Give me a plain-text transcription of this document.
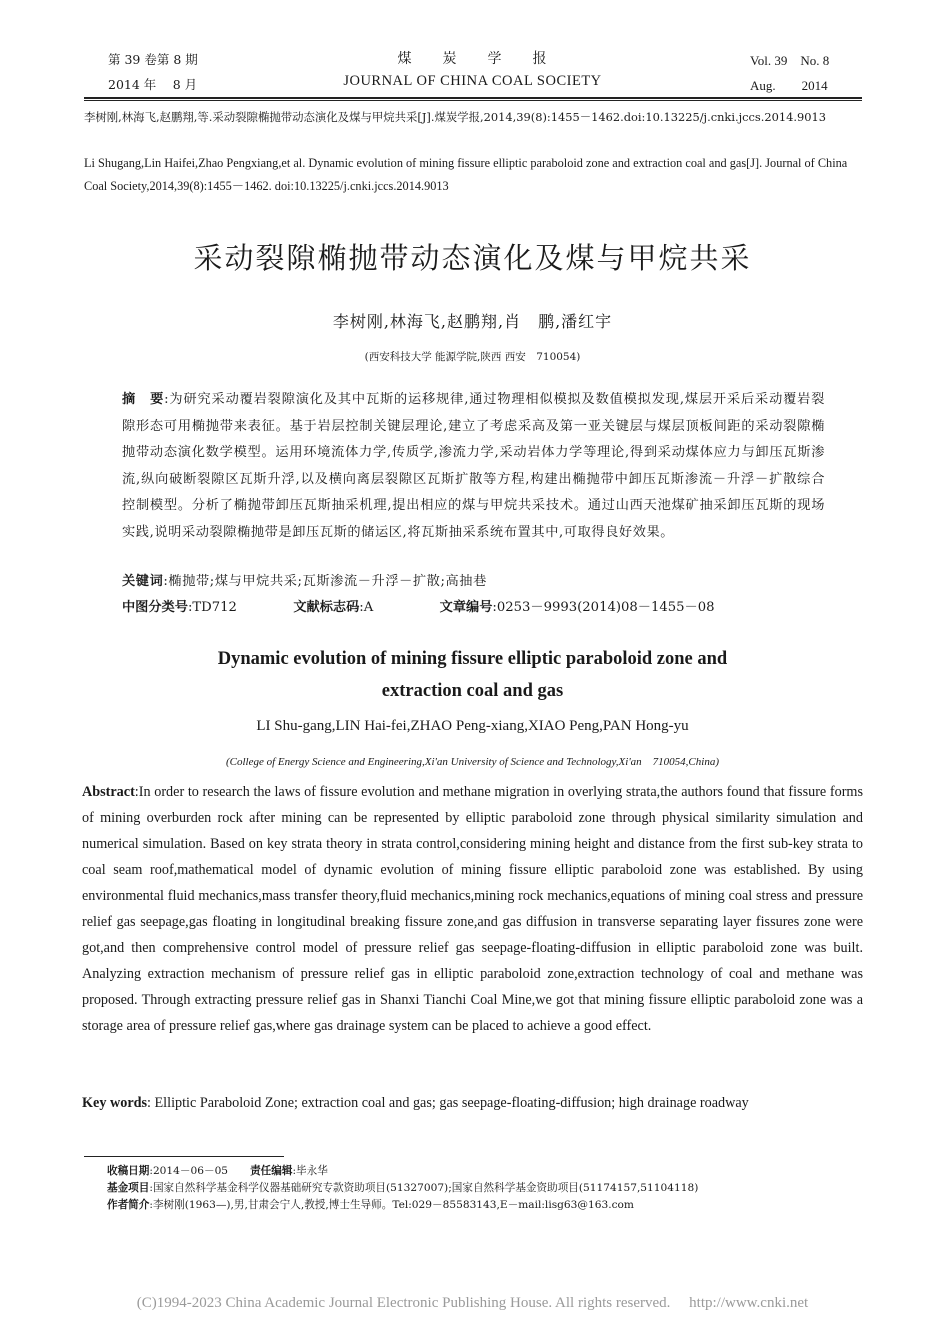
第 39 卷第 8 期
2014 年　 8 月
煤　　炭　　学　　报
JOURNAL OF CHINA COAL SOCIETY
Vol. 39　No. 8
Aug.　　2014
李树刚,林海飞,赵鹏翔,等.采动裂隙椭抛带动态演化及煤与甲烷共采[J].煤炭学报,2014,39(8):1455－1462.doi:10.13225/j.cnki.jccs.2014.9013
Li Shugang,Lin Haifei,Zhao Pengxiang,et al. Dynamic evolution of mining fissure elliptic paraboloid zone and extraction coal and gas[J]. Journal of China Coal Society,2014,39(8):1455－1462. doi:10.13225/j.cnki.jccs.2014.9013
采动裂隙椭抛带动态演化及煤与甲烷共采
李树刚,林海飞,赵鹏翔,肖　鹏,潘红宇
(西安科技大学 能源学院,陕西 西安　710054)
摘　要:为研究采动覆岩裂隙演化及其中瓦斯的运移规律,通过物理相似模拟及数值模拟发现,煤层开采后采动覆岩裂隙形态可用椭抛带来表征。基于岩层控制关键层理论,建立了考虑采高及第一亚关键层与煤层顶板间距的采动裂隙椭抛带动态演化数学模型。运用环境流体力学,传质学,渗流力学,采动岩体力学等理论,得到采动煤体应力与卸压瓦斯渗流,纵向破断裂隙区瓦斯升浮,以及横向离层裂隙区瓦斯扩散等方程,构建出椭抛带中卸压瓦斯渗流－升浮－扩散综合控制模型。分析了椭抛带卸压瓦斯抽采机理,提出相应的煤与甲烷共采技术。通过山西天池煤矿抽采卸压瓦斯的现场实践,说明采动裂隙椭抛带是卸压瓦斯的储运区,将瓦斯抽采系统布置其中,可取得良好效果。
关键词:椭抛带;煤与甲烷共采;瓦斯渗流－升浮－扩散;高抽巷
中图分类号:TD712	文献标志码:A	文章编号:0253－9993(2014)08－1455－08
Dynamic evolution of mining fissure elliptic paraboloid zone and
extraction coal and gas
LI Shu-gang,LIN Hai-fei,ZHAO Peng-xiang,XIAO Peng,PAN Hong-yu
(College of Energy Science and Engineering,Xi'an University of Science and Technology,Xi'an　710054,China)
Abstract:In order to research the laws of fissure evolution and methane migration in overlying strata,the authors found that fissure forms of mining overburden rock after mining can be represented by elliptic paraboloid zone through physical similarity simulation and numerical simulation. Based on key strata theory in strata control,considering mining height and distance from the first sub-key strata to coal seam roof,mathematical model of dynamic evolution of mining fissure elliptic paraboloid zone was established. By using environmental fluid mechanics,mass transfer theory,fluid mechanics,mining rock mechanics,equations of mining coal stress and pressure relief gas seepage,gas floating in longitudinal breaking fissure zone,and gas diffusion in transverse separating layer fissures zone were got,and then comprehensive control model of pressure relief gas seepage-floating-diffusion in elliptic paraboloid zone was built. Analyzing extraction mechanism of pressure relief gas in elliptic paraboloid zone,extraction technology of coal and methane was proposed. Through extracting pressure relief gas in Shanxi Tianchi Coal Mine,we got that mining fissure elliptic paraboloid zone was a storage area of pressure relief gas,where gas drainage system can be placed to achieve a good effect.
Key words: Elliptic Paraboloid Zone; extraction coal and gas; gas seepage-floating-diffusion; high drainage roadway
收稿日期:2014－06－05 责任编辑:毕永华
基金项目:国家自然科学基金科学仪器基础研究专款资助项目(51327007);国家自然科学基金资助项目(51174157,51104118)
作者简介:李树刚(1963—),男,甘肃会宁人,教授,博士生导师。Tel:029－85583143,E－mail:lisg63@163.com
(C)1994-2023 China Academic Journal Electronic Publishing House. All rights reserved.　 http://www.cnki.net
